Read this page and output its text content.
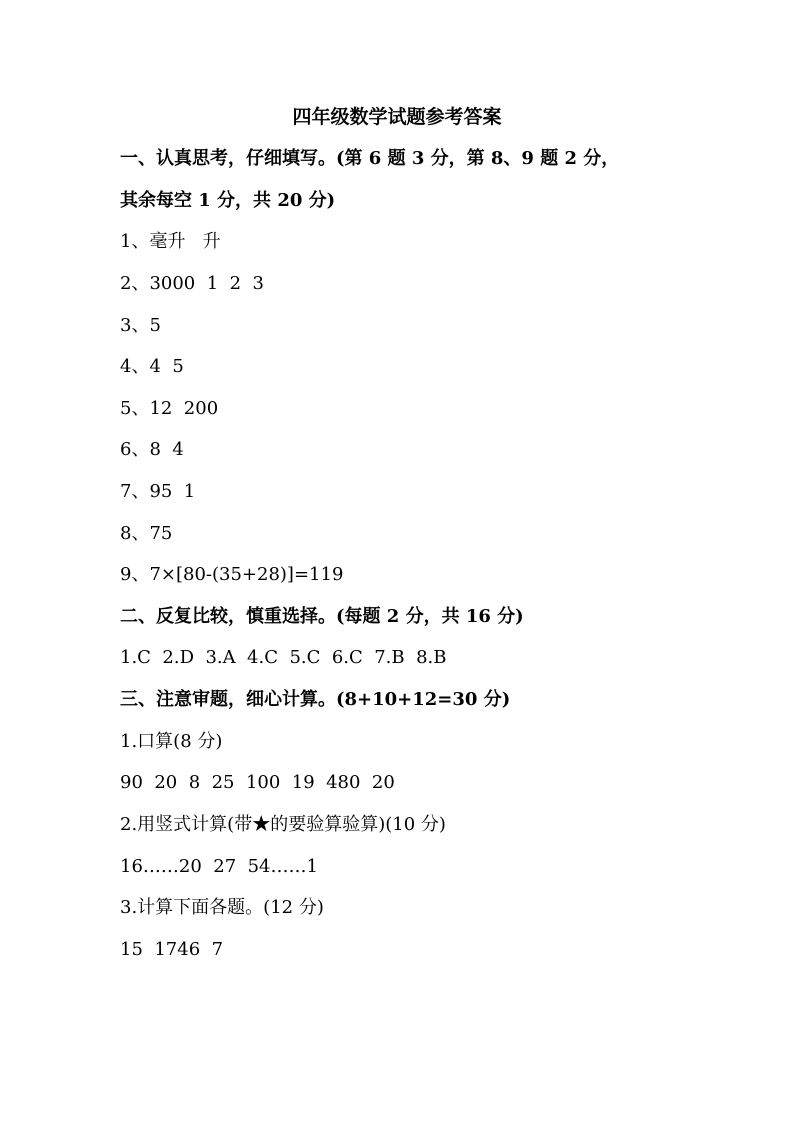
四年级数学试题参考答案
一、认真思考，仔细填写。(第 6 题 3 分，第 8、9 题 2 分，
其余每空 1 分，共 20 分)
1、毫升   升
2、3000  1  2  3
3、5
4、4  5
5、12  200
6、8  4
7、95  1
8、75
9、7×[80-(35+28)]=119
二、反复比较，慎重选择。(每题 2 分，共 16 分)
1.C  2.D  3.A  4.C  5.C  6.C  7.B  8.B
三、注意审题，细心计算。(8+10+12=30 分)
1.口算(8 分)
90  20  8  25  100  19  480  20
2.用竖式计算(带★的要验算验算)(10 分)
16……20  27  54……1
3.计算下面各题。(12 分)
15  1746  7
